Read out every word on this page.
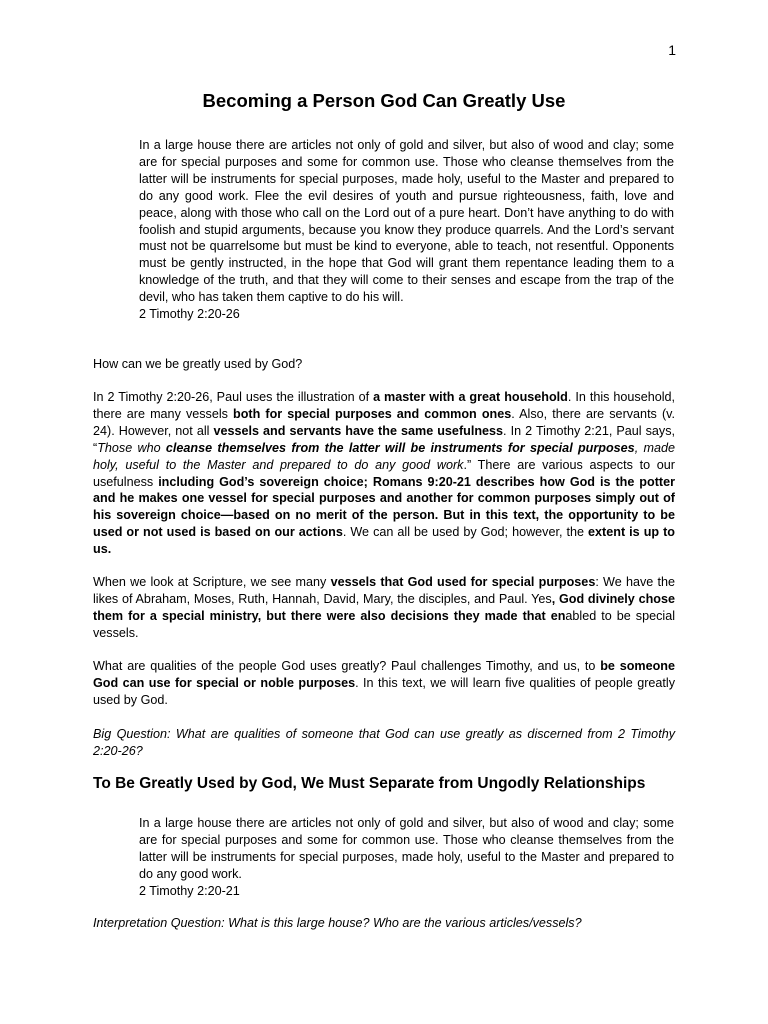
1
Becoming a Person God Can Greatly Use
In a large house there are articles not only of gold and silver, but also of wood and clay; some are for special purposes and some for common use. Those who cleanse themselves from the latter will be instruments for special purposes, made holy, useful to the Master and prepared to do any good work. Flee the evil desires of youth and pursue righteousness, faith, love and peace, along with those who call on the Lord out of a pure heart. Don’t have anything to do with foolish and stupid arguments, because you know they produce quarrels. And the Lord’s servant must not be quarrelsome but must be kind to everyone, able to teach, not resentful. Opponents must be gently instructed, in the hope that God will grant them repentance leading them to a knowledge of the truth, and that they will come to their senses and escape from the trap of the devil, who has taken them captive to do his will.
2 Timothy 2:20-26
How can we be greatly used by God?
In 2 Timothy 2:20-26, Paul uses the illustration of a master with a great household. In this household, there are many vessels both for special purposes and common ones. Also, there are servants (v. 24). However, not all vessels and servants have the same usefulness. In 2 Timothy 2:21, Paul says, “Those who cleanse themselves from the latter will be instruments for special purposes, made holy, useful to the Master and prepared to do any good work.” There are various aspects to our usefulness including God’s sovereign choice; Romans 9:20-21 describes how God is the potter and he makes one vessel for special purposes and another for common purposes simply out of his sovereign choice—based on no merit of the person. But in this text, the opportunity to be used or not used is based on our actions. We can all be used by God; however, the extent is up to us.
When we look at Scripture, we see many vessels that God used for special purposes: We have the likes of Abraham, Moses, Ruth, Hannah, David, Mary, the disciples, and Paul. Yes, God divinely chose them for a special ministry, but there were also decisions they made that enabled to be special vessels.
What are qualities of the people God uses greatly? Paul challenges Timothy, and us, to be someone God can use for special or noble purposes. In this text, we will learn five qualities of people greatly used by God.
Big Question: What are qualities of someone that God can use greatly as discerned from 2 Timothy 2:20-26?
To Be Greatly Used by God, We Must Separate from Ungodly Relationships
In a large house there are articles not only of gold and silver, but also of wood and clay; some are for special purposes and some for common use. Those who cleanse themselves from the latter will be instruments for special purposes, made holy, useful to the Master and prepared to do any good work.
2 Timothy 2:20-21
Interpretation Question: What is this large house? Who are the various articles/vessels?
